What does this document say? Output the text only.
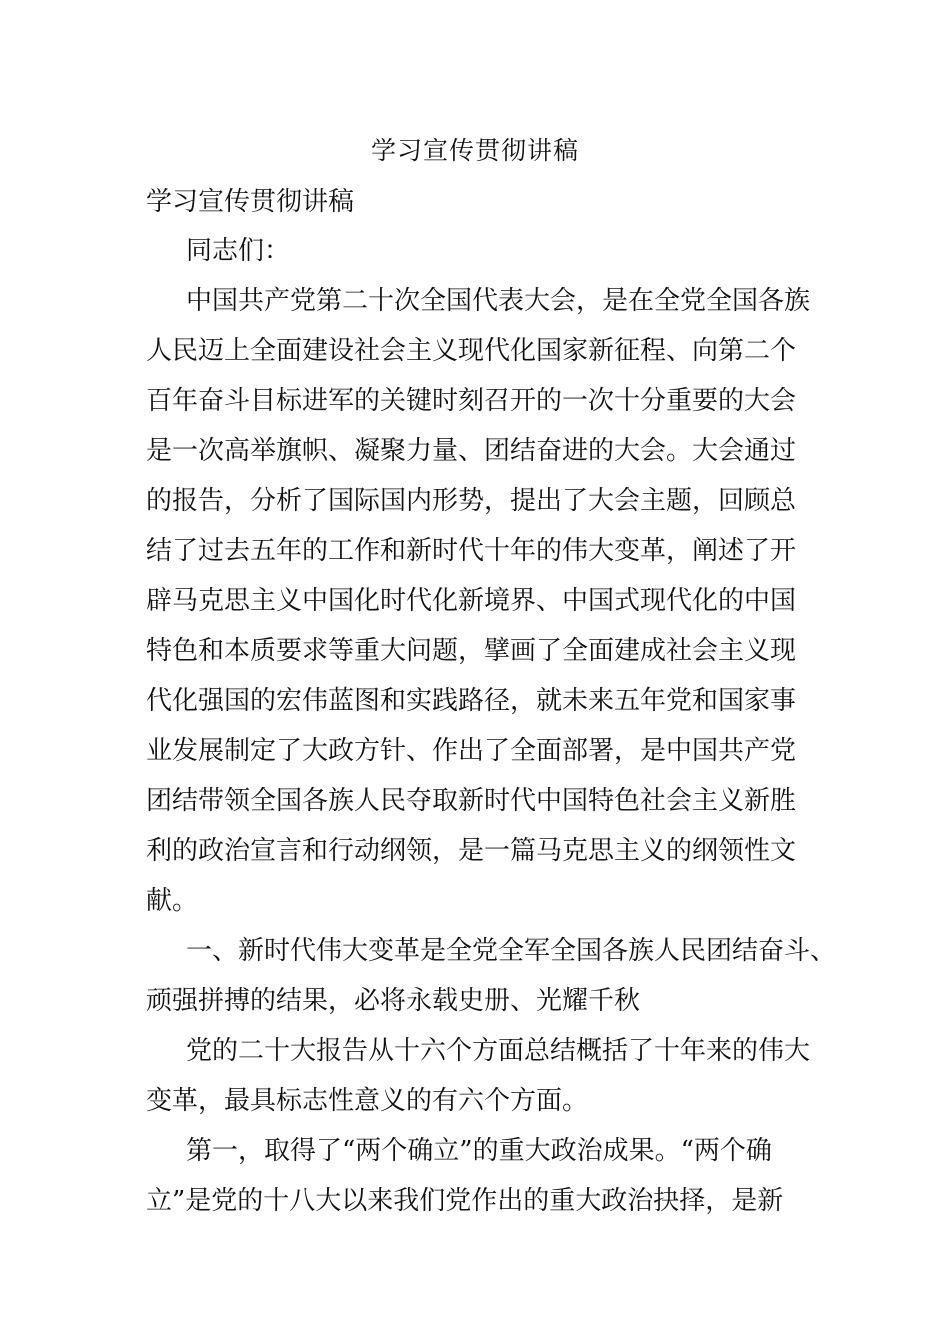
学习宣传贯彻讲稿
学习宣传贯彻讲稿
同志们：
中国共产党第二十次全国代表大会，是在全党全国各族
人民迈上全面建设社会主义现代化国家新征程、向第二个
百年奋斗目标进军的关键时刻召开的一次十分重要的大会
是一次高举旗帜、凝聚力量、团结奋进的大会。大会通过
的报告，分析了国际国内形势，提出了大会主题，回顾总
结了过去五年的工作和新时代十年的伟大变革，阐述了开
辟马克思主义中国化时代化新境界、中国式现代化的中国
特色和本质要求等重大问题，擘画了全面建成社会主义现
代化强国的宏伟蓝图和实践路径，就未来五年党和国家事
业发展制定了大政方针、作出了全面部署，是中国共产党
团结带领全国各族人民夺取新时代中国特色社会主义新胜
利的政治宣言和行动纲领，是一篇马克思主义的纲领性文
献。
一、新时代伟大变革是全党全军全国各族人民团结奋斗、
顽强拼搏的结果，必将永载史册、光耀千秋
党的二十大报告从十六个方面总结概括了十年来的伟大
变革，最具标志性意义的有六个方面。
第一，取得了“两个确立”的重大政治成果。“两个确
立”是党的十八大以来我们党作出的重大政治抉择，是新
